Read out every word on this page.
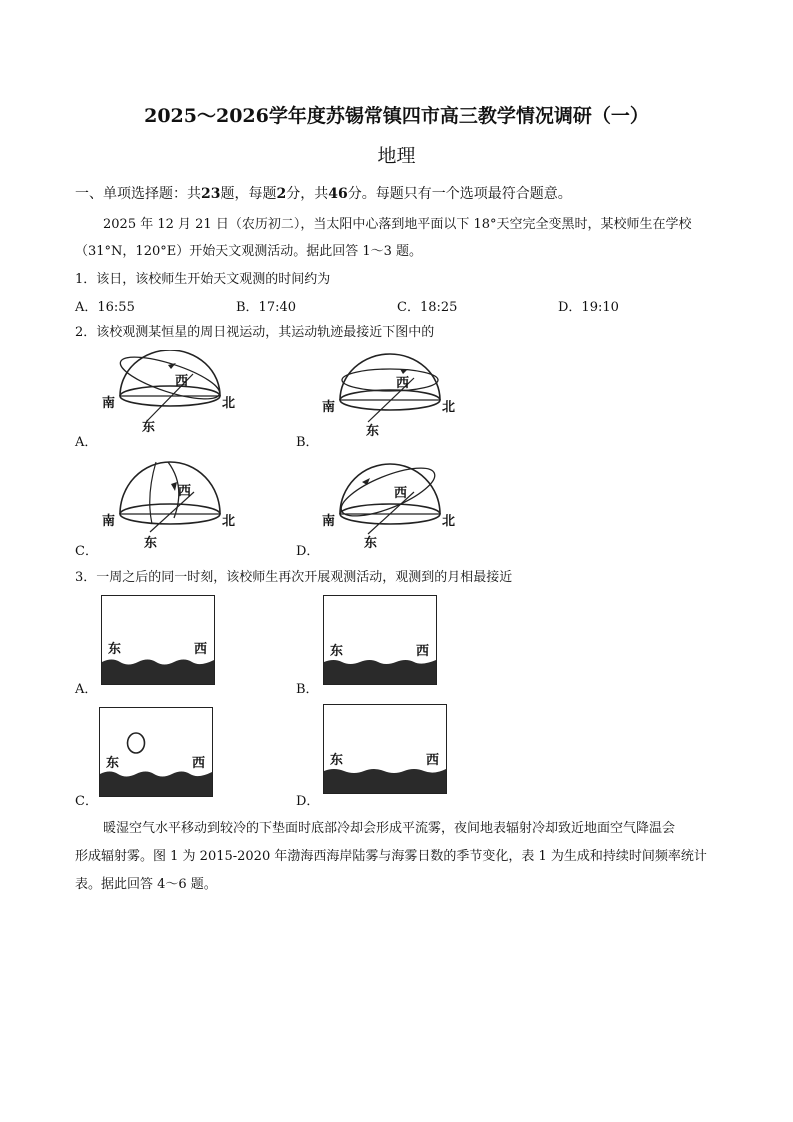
2025～2026学年度苏锡常镇四市高三教学情况调研（一）
地理
一、单项选择题：共23题，每题2分，共46分。每题只有一个选项最符合题意。
2025 年 12 月 21 日（农历初二），当太阳中心落到地平面以下 18°天空完全变黑时，某校师生在学校
（31°N，120°E）开始天文观测活动。据此回答 1～3 题。
1．该日，该校师生开始天文观测的时间约为
A．16:55	B．17:40	C．18:25	D．19:10
2．该校观测某恒星的周日视运动，其运动轨迹最接近下图中的
南	北
东
西
A．
南	北
东
西
B．
南	北
东
西
C．
南	北
东
西
D．
3．一周之后的同一时刻，该校师生再次开展观测活动，观测到的月相最接近
东	西
A．
东	西
B．
东	西
C．
东	西
D．
暖湿空气水平移动到较冷的下垫面时底部冷却会形成平流雾，夜间地表辐射冷却致近地面空气降温会
形成辐射雾。图 1 为 2015-2020 年渤海西海岸陆雾与海雾日数的季节变化，表 1 为生成和持续时间频率统计
表。据此回答 4～6 题。
